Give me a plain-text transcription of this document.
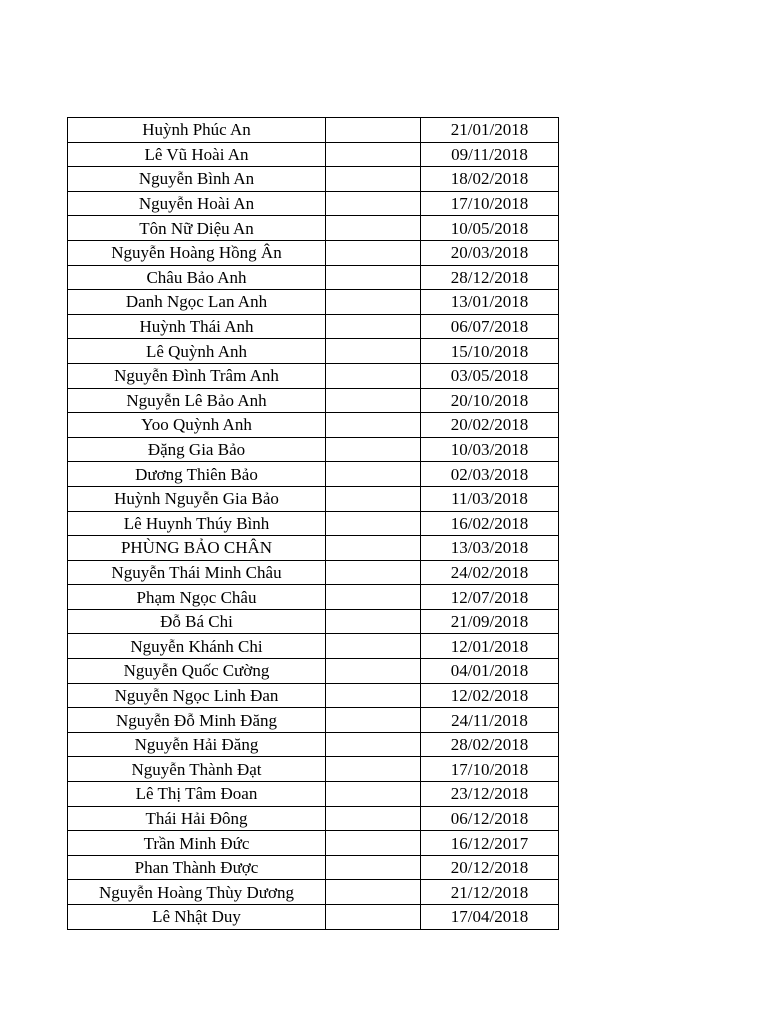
Huỳnh Phúc An		21/01/2018
Lê Vũ Hoài An		09/11/2018
Nguyễn Bình An		18/02/2018
Nguyễn Hoài An		17/10/2018
Tôn Nữ Diệu An		10/05/2018
Nguyễn Hoàng Hồng Ân		20/03/2018
Châu Bảo Anh		28/12/2018
Danh Ngọc Lan Anh		13/01/2018
Huỳnh Thái Anh		06/07/2018
Lê Quỳnh Anh		15/10/2018
Nguyễn Đình Trâm Anh		03/05/2018
Nguyễn Lê Bảo Anh		20/10/2018
Yoo Quỳnh Anh		20/02/2018
Đặng Gia Bảo		10/03/2018
Dương Thiên Bảo		02/03/2018
Huỳnh Nguyễn Gia Bảo		11/03/2018
Lê Huynh Thúy Bình		16/02/2018
PHÙNG BẢO CHÂN		13/03/2018
Nguyễn Thái Minh Châu		24/02/2018
Phạm Ngọc Châu		12/07/2018
Đỗ Bá Chi		21/09/2018
Nguyễn Khánh Chi		12/01/2018
Nguyễn Quốc Cường		04/01/2018
Nguyễn Ngọc Linh Đan		12/02/2018
Nguyễn Đỗ Minh Đăng		24/11/2018
Nguyễn Hải Đăng		28/02/2018
Nguyễn Thành Đạt		17/10/2018
Lê Thị Tâm Đoan		23/12/2018
Thái Hải Đông		06/12/2018
Trần Minh Đức		16/12/2017
Phan Thành Được		20/12/2018
Nguyễn Hoàng Thùy Dương		21/12/2018
Lê Nhật Duy		17/04/2018
